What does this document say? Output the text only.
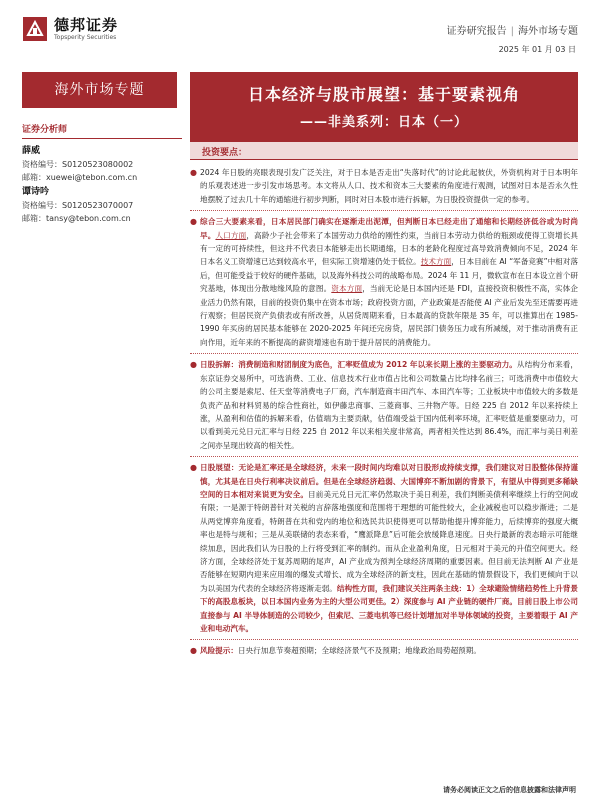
德邦证券
Topsperity Securities
证券研究报告 | 海外市场专题
2025 年 01 月 03 日
海外市场专题	日本经济与股市展望：基于要素视角
——非美系列：日本（一）
证券分析师
薛威
资格编号：S0120523080002
邮箱：xuewei@tebon.com.cn
谭诗吟
资格编号：S0120523070007
邮箱：tansy@tebon.com.cn
投资要点：
● 2024 年日股的亮眼表现引发广泛关注，对于日本是否走出“失落时代”的讨论此起彼伏，外资机构对于日本明年的乐观表述进一步引发市场思考。本文将从人口、技术和资本三大要素的角度进行观测，试图对日本是否永久性地摆脱了过去几十年的通缩进行初步判断，同时对日本股市进行拆解，为日股投资提供一定的参考。
● 综合三大要素来看，日本居民部门确实在逐渐走出泥潭，但判断日本已经走出了通缩和长期经济低谷或为时尚早。人口方面，高龄少子社会带来了本国劳动力供给的刚性约束，当前日本劳动力供给的瓶颈或使得工资增长具有一定的可持续性，但这并不代表日本能够走出长期通缩，日本的老龄化程度过高导致消费倾向不足，2024 年日本名义工资增速已达到较高水平，但实际工资增速仍处于低位。技术方面，日本目前在 AI “军备竞赛”中相对落后，但可能受益于较好的硬件基础，以及海外科技公司的战略布局。2024 年 11 月，微软宣布在日本设立首个研究基地，体现出分散地缘风险的意图。资本方面，当前无论是日本国内还是 FDI，直接投资积极性不高，实体企业活力仍然有限，目前的投资仍集中在资本市场；政府投资方面，产业政策是否能使 AI 产业后发先至还需要再进行观察；但居民资产负债表或有所改善，从居贷周期来看，日本最高的贷款年限是 35 年，可以推算出在 1985-1990 年买房的居民基本能够在 2020-2025 年间还完房贷，居民部门债务压力或有所减缓，对于推动消费有正向作用，近年来的不断提高的薪资增速也有助于提升居民的消费能力。
● 日股拆解：消费制造和财团制度为底色，汇率贬值成为 2012 年以来长期上涨的主要驱动力。从结构分布来看，东京证券交易所中，可选消费、工业、信息技术行业市值占比和公司数量占比均排名前三；可选消费中市值较大的公司主要是索尼、任天堂等消费电子厂商，汽车制造商丰田汽车、本田汽车等；工业板块中市值较大的多数是负责产品和材料贸易的综合性商社，如伊藤忠商事、三菱商事、三井物产等。日经 225 自 2012 年以来持续上涨，从盈利和估值的拆解来看，估值端为主要贡献，估值端受益于国内低利率环境，汇率贬值是重要驱动力，可以看到美元兑日元汇率与日经 225 自 2012 年以来相关度非常高，两者相关性达到 86.4%，而汇率与美日利差之间亦呈现出较高的相关性。
● 日股展望：无论是汇率还是全球经济，未来一段时间内均难以对日股形成持续支撑，我们建议对日股整体保持谨慎，尤其是在日央行利率决议前后。但是在全球经济趋弱、大国博弈不断加剧的背景下，有望从中得到更多稀缺空间的日本相对来说更为安全。目前美元兑日元汇率仍然取决于美日利差，我们判断美债利率继续上行的空间或有限；一是源于特朗普针对关税的言辞落地强度和范围将于理想的可能性较大，企业减税也可以稳步渐进；二是从两党博弈角度看，特朗普在共和党内的地位和选民共识使得更可以帮助他提升博弈能力，后续博弈的强度大概率也是特与规和；三是从美联储的表态来看，“鹰派降息”后可能会放缓降息速度。日央行最新的表态暗示可能继续加息，因此我们认为日股的上行将受到汇率的制约。而从企业盈利角度，日元相对于美元的升值空间更大。经济方面，全球经济处于复苏周期的尾声，AI 产业成为预判全球经济周期的重要因素。但目前无法判断 AI 产业是否能够在短期内迎来应用端的爆发式增长、成为全球经济的新支柱，因此在基础的情景假设下，我们更倾向于以为以美国为代表的全球经济将逐渐走弱。结构性方面，我们建议关注两条主线：1）全球避险情绪趋势性上升背景下的高股息板块，以日本国内业务为主的大型公司更佳。2）深度参与 AI 产业链的硬件厂商。目前日股上市公司直接参与 AI 半导体制造的公司较少，但索尼、三菱电机等已经计划增加对半导体领域的投资，主要着眼于 AI 产业和电动汽车。
● 风险提示：日央行加息节奏超预期；全球经济景气不及预期；地缘政治局势超预期。
请务必阅读正文之后的信息披露和法律声明
